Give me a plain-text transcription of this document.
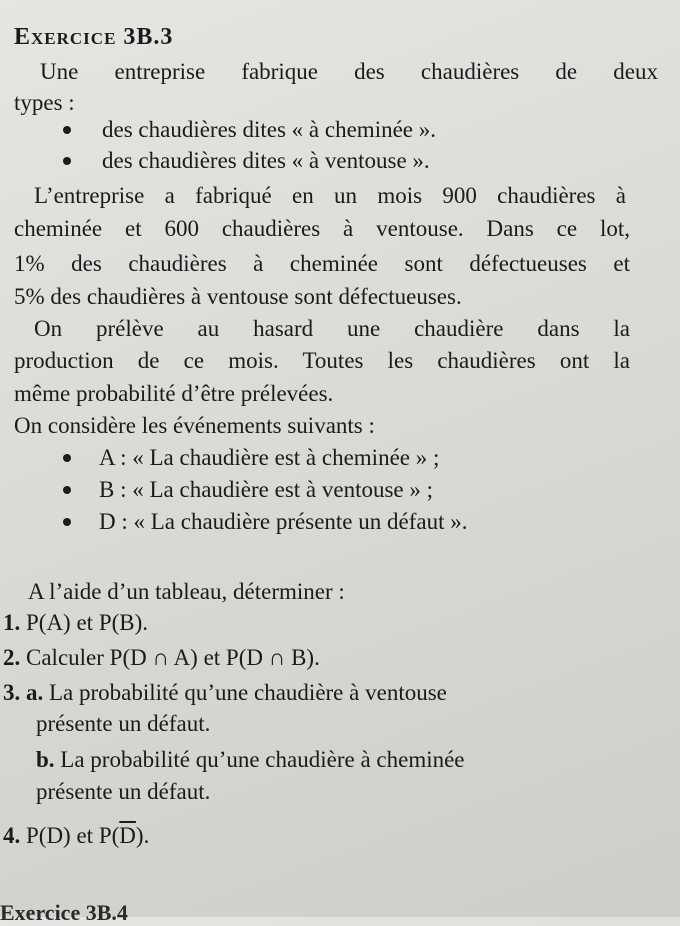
Exercice 3B.3
Une entreprise fabrique des chaudières de deux
types :
des chaudières dites « à cheminée ».
des chaudières dites « à ventouse ».
L’entreprise a fabriqué en un mois 900 chaudières à
cheminée et 600 chaudières à ventouse. Dans ce lot,
1% des chaudières à cheminée sont défectueuses et
5% des chaudières à ventouse sont défectueuses.
On prélève au hasard une chaudière dans la
production de ce mois. Toutes les chaudières ont la
même probabilité d’être prélevées.
On considère les événements suivants :
A : « La chaudière est à cheminée » ;
B : « La chaudière est à ventouse » ;
D : « La chaudière présente un défaut ».
A l’aide d’un tableau, déterminer :
1. P(A) et P(B).
2. Calculer P(D ∩ A) et P(D ∩ B).
3. a. La probabilité qu’une chaudière à ventouse
présente un défaut.
b. La probabilité qu’une chaudière à cheminée
présente un défaut.
4. P(D) et $P(\overline{D})$.
Exercice 3B.4
